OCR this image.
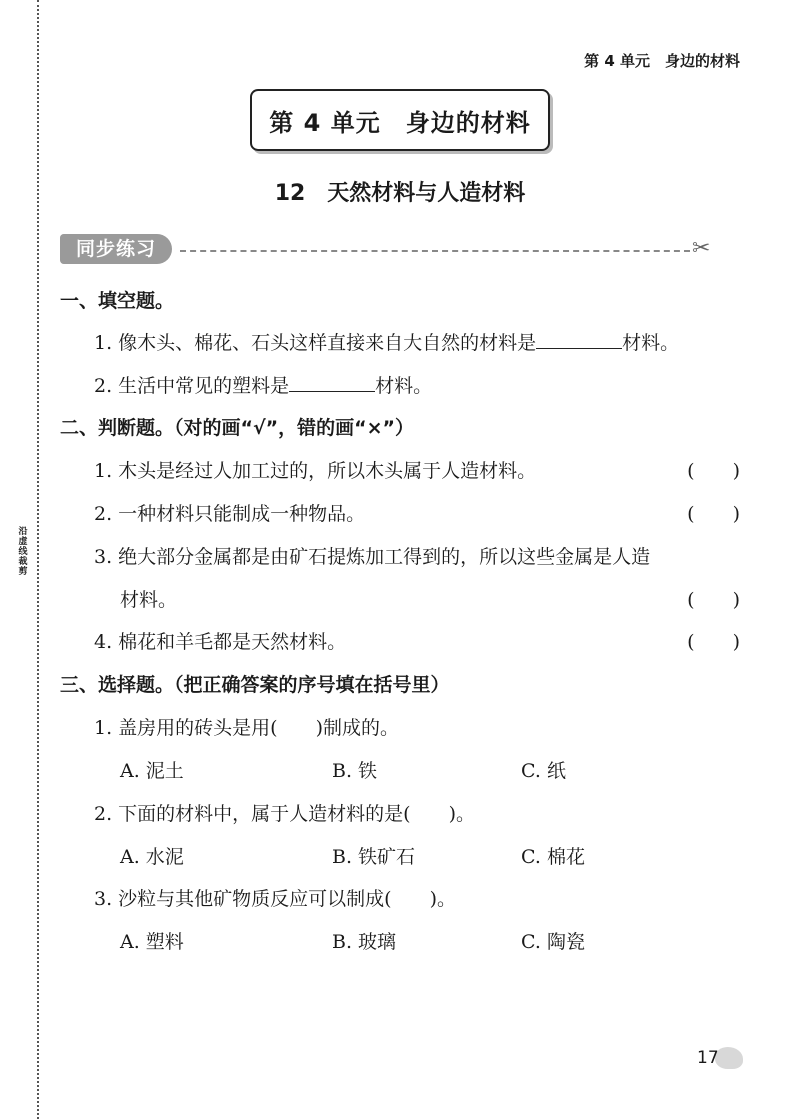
沿
虚
线
裁
剪
第 4 单元　身边的材料
第 4 单元　身边的材料
12　天然材料与人造材料
同步练习	✂
一、填空题。
1. 像木头、棉花、石头这样直接来自大自然的材料是	材料。
2. 生活中常见的塑料是	材料。
二、判断题。（对的画“√”，错的画“×”）
1. 木头是经过人加工过的，所以木头属于人造材料。	(　　)
2. 一种材料只能制成一种物品。	(　　)
3. 绝大部分金属都是由矿石提炼加工得到的，所以这些金属是人造
材料。	(　　)
4. 棉花和羊毛都是天然材料。	(　　)
三、选择题。（把正确答案的序号填在括号里）
1. 盖房用的砖头是用(　　)制成的。
A. 泥土	B. 铁	C. 纸
2. 下面的材料中，属于人造材料的是(　　)。
A. 水泥	B. 铁矿石	C. 棉花
3. 沙粒与其他矿物质反应可以制成(　　)。
A. 塑料	B. 玻璃	C. 陶瓷
17
